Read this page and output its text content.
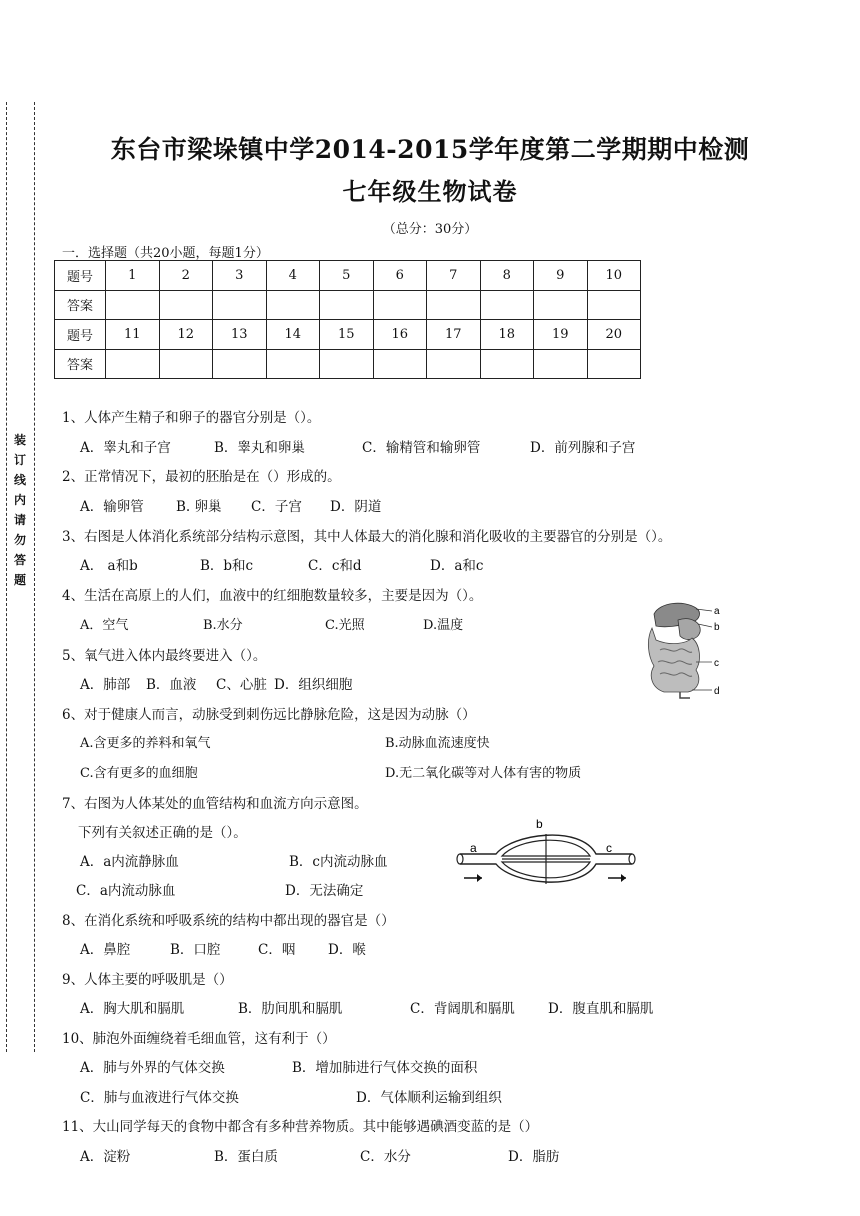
装 订 线 内 请 勿 答 题
东台市梁垛镇中学2014-2015学年度第二学期期中检测
七年级生物试卷
（总分：30分）
一．选择题（共20小题，每题1分）
题号	1	2	3	4	5	6	7	8	9	10
答案										
题号	11	12	13	14	15	16	17	18	19	20
答案										
1、人体产生精子和卵子的器官分别是（）。
A．睾丸和子宫	B．睾丸和卵巢	C．输精管和输卵管	D．前列腺和子宫
2、正常情况下，最初的胚胎是在（）形成的。
A．输卵管 B. 卵巢 C．子宫 D．阴道
3、右图是人体消化系统部分结构示意图，其中人体最大的消化腺和消化吸收的主要器官的分别是（）。
A． a和b	B．b和c	C．c和d	D．a和c
4、生活在高原上的人们，血液中的红细胞数量较多，主要是因为（）。
A．空气	B.水分	C.光照	D.温度
a
b
c
d
5、氧气进入体内最终要进入（）。
A．肺部 B．血液 C、心脏 D．组织细胞
6、对于健康人而言，动脉受到刺伤远比静脉危险，这是因为动脉（）
A.含更多的养料和氧气	B.动脉血流速度快
C.含有更多的血细胞	D.无二氧化碳等对人体有害的物质
7、右图为人体某处的血管结构和血流方向示意图。
下列有关叙述正确的是（）。
A．a内流静脉血	B．c内流动脉血
C．a内流动脉血	D．无法确定
a
b
c
8、在消化系统和呼吸系统的结构中都出现的器官是（）
A．鼻腔	B．口腔	C．咽 D．喉
9、人体主要的呼吸肌是（）
A．胸大肌和膈肌	B．肋间肌和膈肌	C．背阔肌和膈肌 D．腹直肌和膈肌
10、肺泡外面缠绕着毛细血管，这有利于（）
A．肺与外界的气体交换	B．增加肺进行气体交换的面积
C．肺与血液进行气体交换	D．气体顺利运输到组织
11、大山同学每天的食物中都含有多种营养物质。其中能够遇碘酒变蓝的是（）
A．淀粉	B．蛋白质	C．水分	D．脂肪
